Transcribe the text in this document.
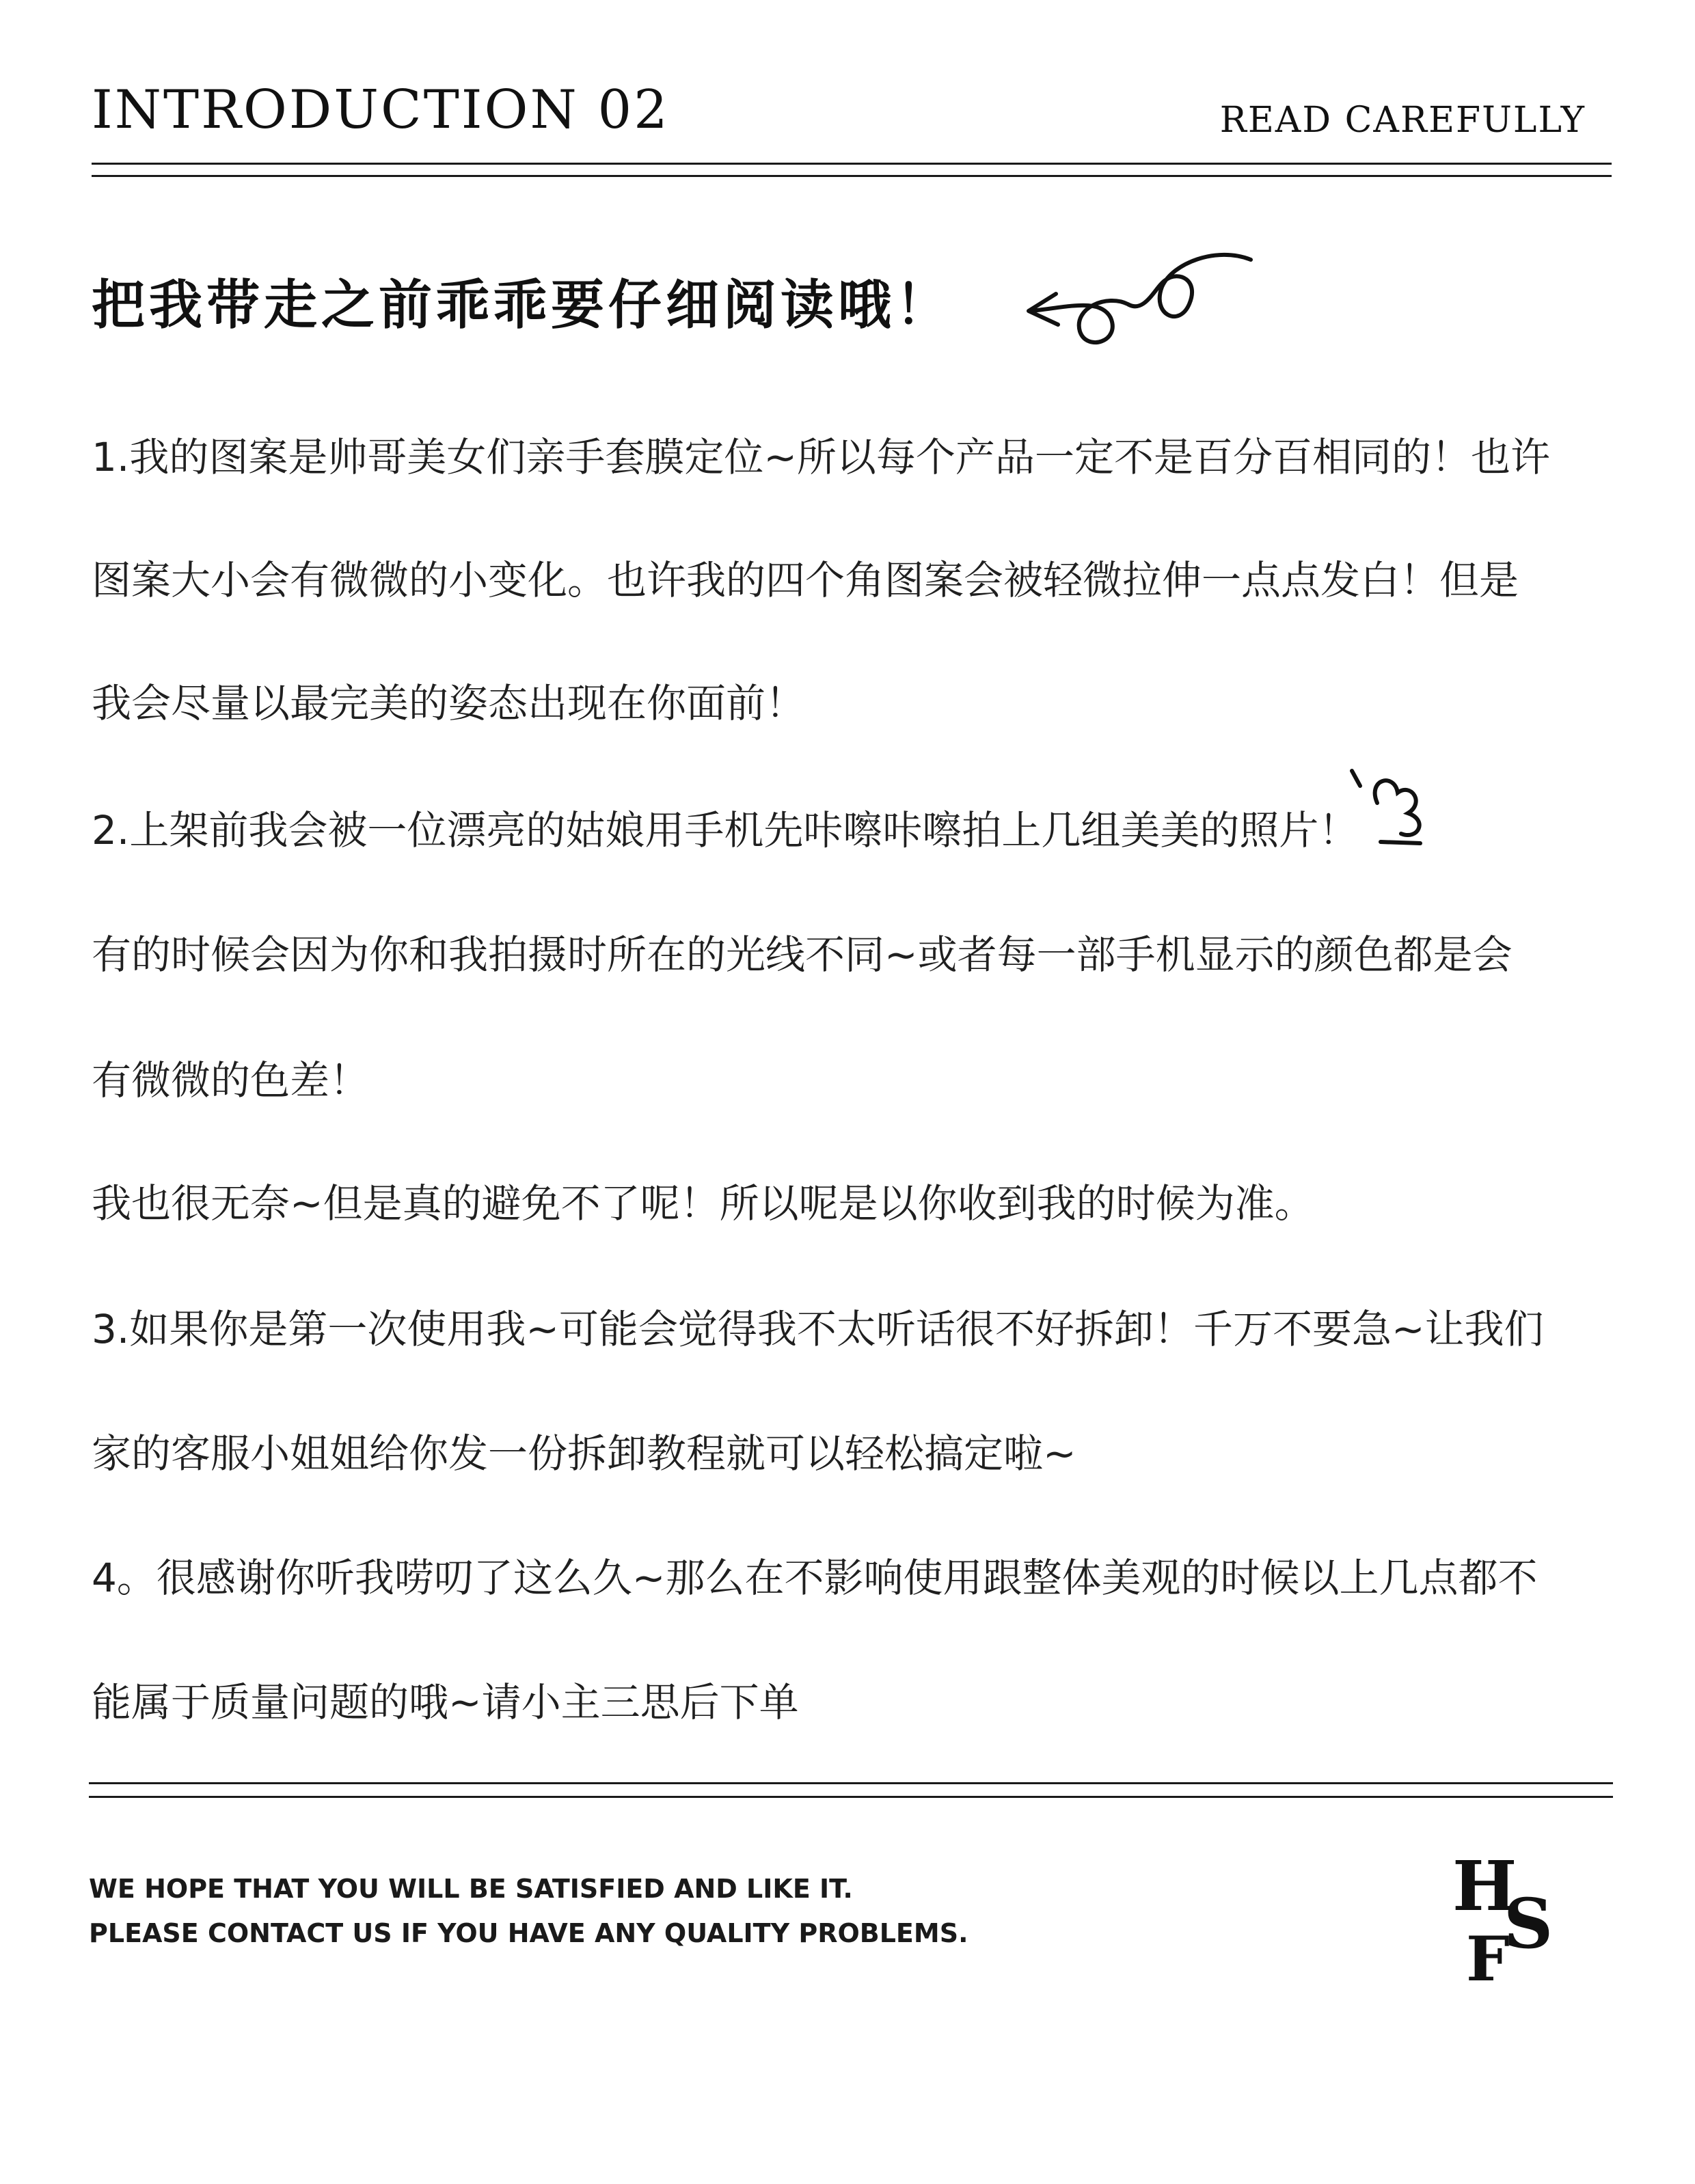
INTRODUCTION 02	READ CAREFULLY
把我带走之前乖乖要仔细阅读哦！
1.我的图案是帅哥美女们亲手套膜定位~所以每个产品一定不是百分百相同的！也许
图案大小会有微微的小变化。也许我的四个角图案会被轻微拉伸一点点发白！但是
我会尽量以最完美的姿态出现在你面前！
2.上架前我会被一位漂亮的姑娘用手机先咔嚓咔嚓拍上几组美美的照片！
有的时候会因为你和我拍摄时所在的光线不同~或者每一部手机显示的颜色都是会
有微微的色差！
我也很无奈~但是真的避免不了呢！所以呢是以你收到我的时候为准。
3.如果你是第一次使用我~可能会觉得我不太听话很不好拆卸！千万不要急~让我们
家的客服小姐姐给你发一份拆卸教程就可以轻松搞定啦~
4。很感谢你听我唠叨了这么久~那么在不影响使用跟整体美观的时候以上几点都不
能属于质量问题的哦~请小主三思后下单
WE HOPE THAT YOU WILL BE SATISFIED AND LIKE IT.
PLEASE CONTACT US IF YOU HAVE ANY QUALITY PROBLEMS.
H
S
F
